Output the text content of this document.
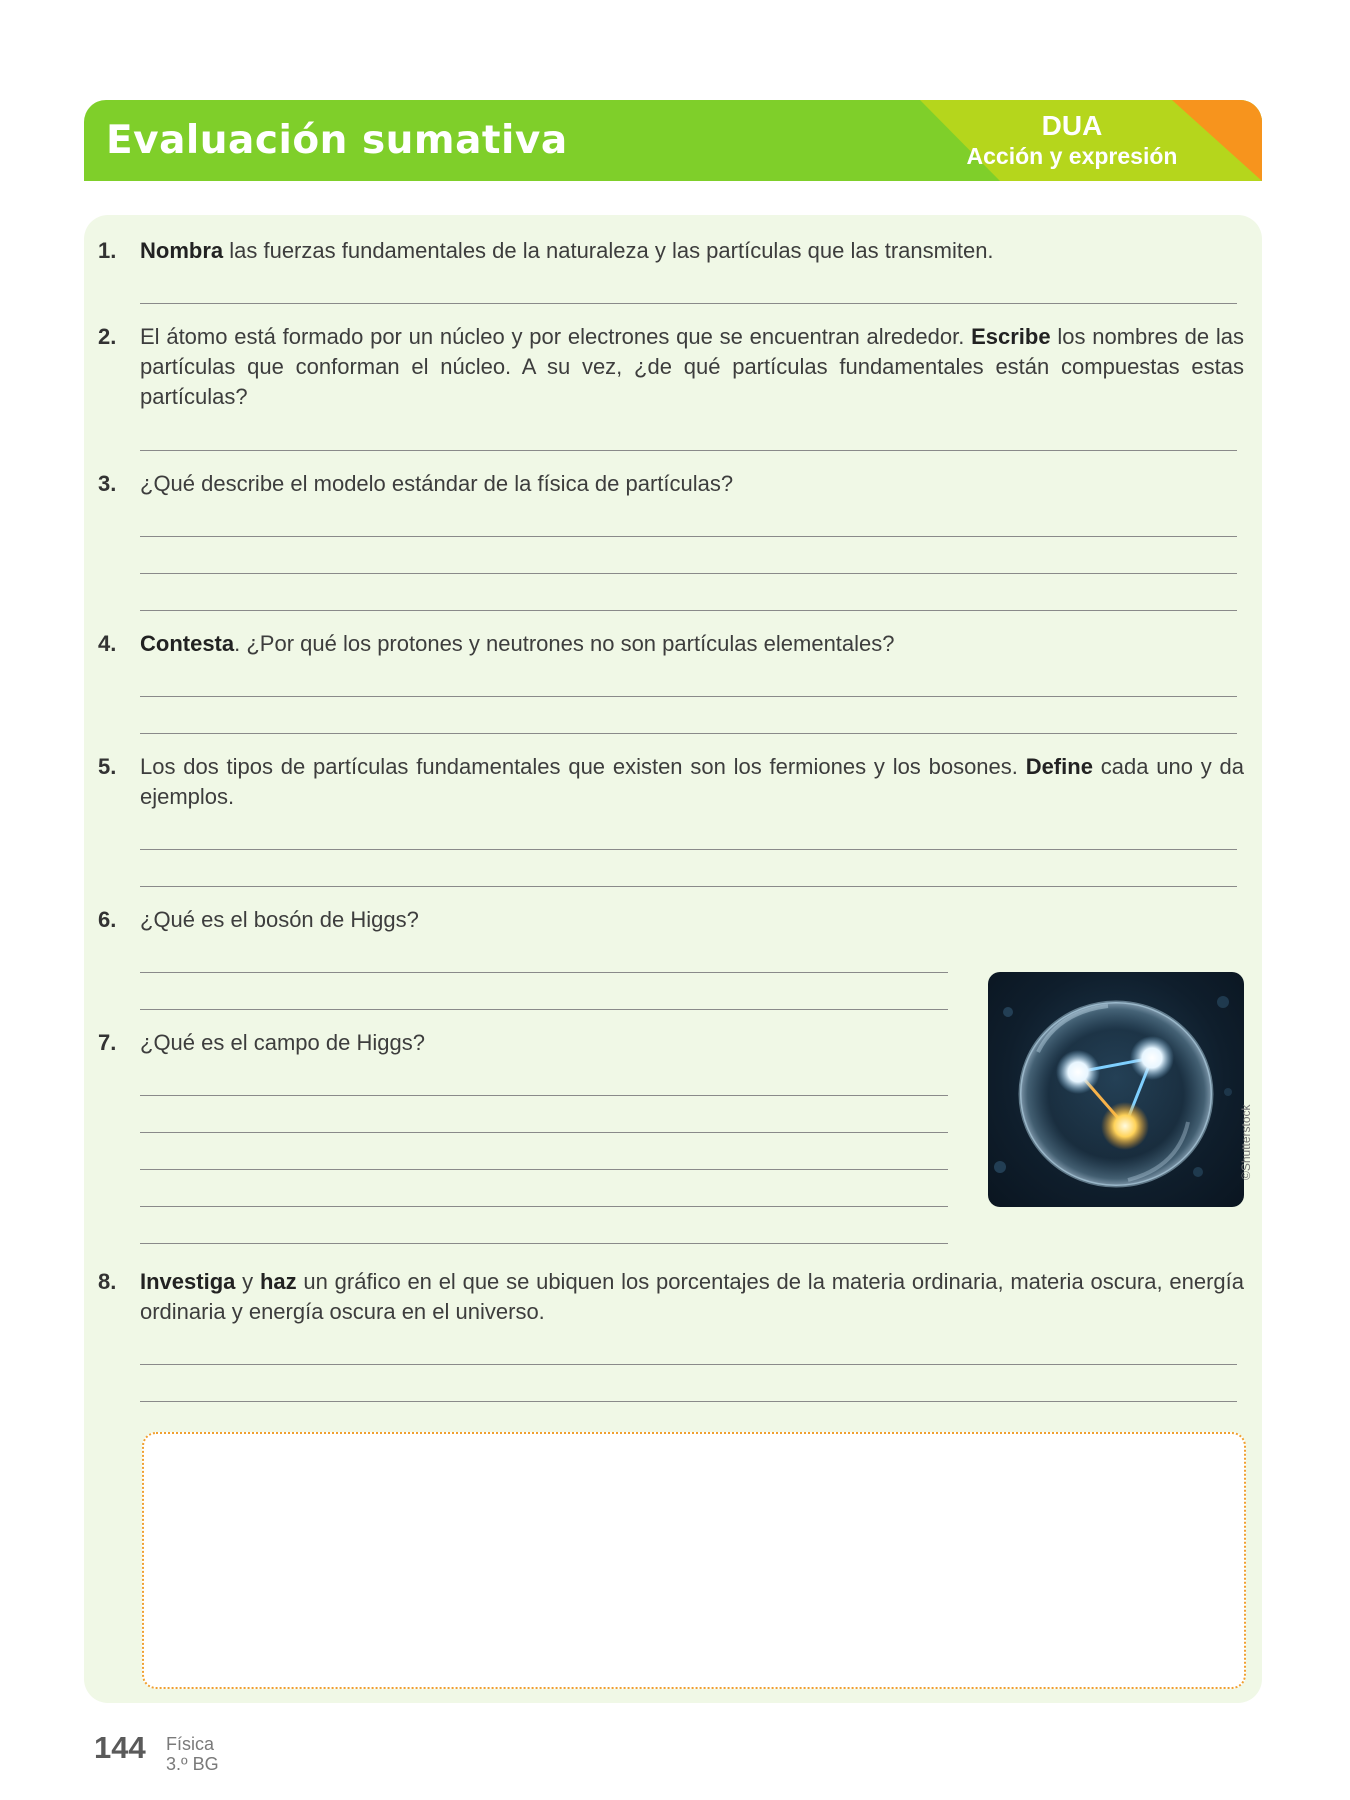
Evaluación sumativa	DUA
Acción y expresión
1. Nombra las fuerzas fundamentales de la naturaleza y las partículas que las transmiten.
2. El átomo está formado por un núcleo y por electrones que se encuentran alrededor. Escribe los nombres de las partículas que conforman el núcleo. A su vez, ¿de qué partículas fundamentales están compuestas estas partículas?
3. ¿Qué describe el modelo estándar de la física de partículas?
4. Contesta. ¿Por qué los protones y neutrones no son partículas elementales?
5. Los dos tipos de partículas fundamentales que existen son los fermiones y los bosones. Define cada uno y da ejemplos.
6. ¿Qué es el bosón de Higgs?
7. ¿Qué es el campo de Higgs?
©Shutterstock
8. Investiga y haz un gráfico en el que se ubiquen los porcentajes de la materia ordinaria, materia oscura, energía ordinaria y energía oscura en el universo.
144 Física
3.º BG
